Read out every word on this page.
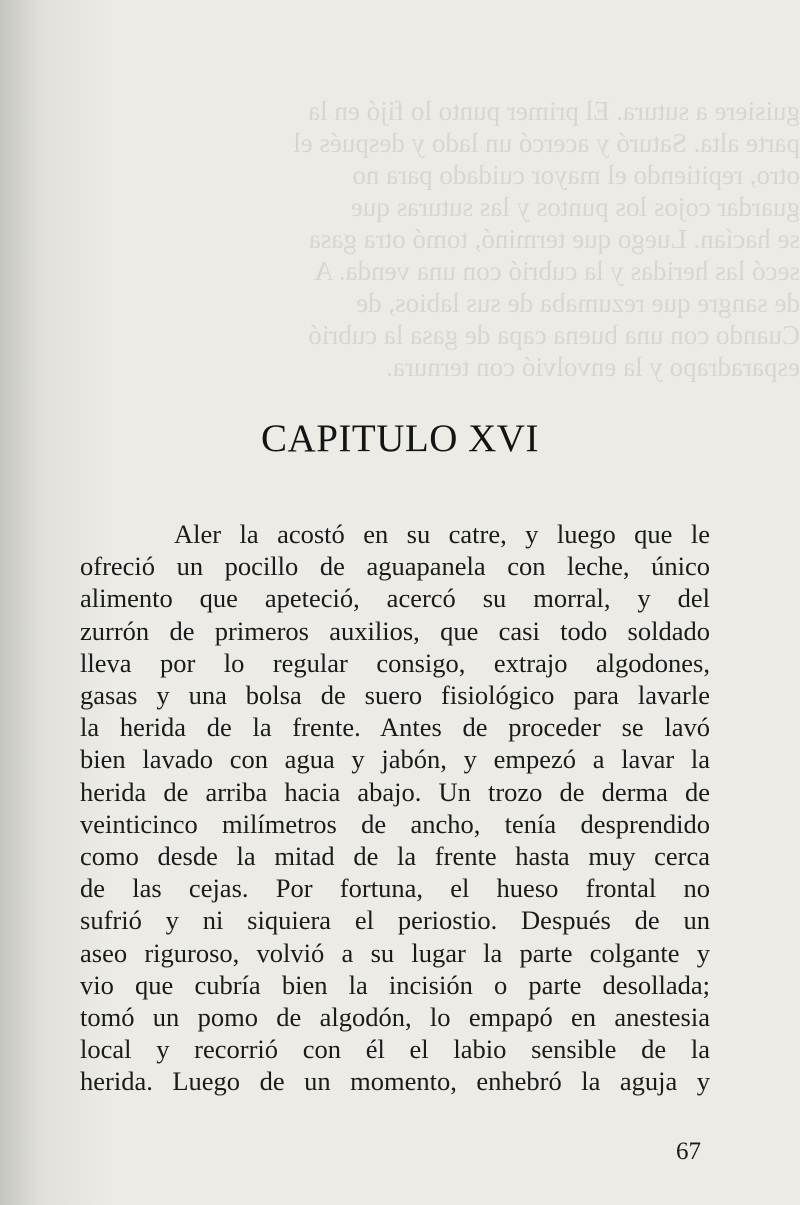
guisiere a sutura. El primer punto lo fijó en la
parte alta. Saturó y acercó un lado y después el
otro, repitiendo el mayor cuidado para no
guardar cojos los puntos y las suturas que
se hacían. Luego que terminó, tomó otra gasa
secó las heridas y la cubrió con una venda. A
de sangre que rezumaba de sus labios, de
Cuando con una buena capa de gasa la cubrió
esparadrapo y la envolvió con ternura.
CAPITULO XVI
Aler la acostó en su catre, y luego que le
ofreció un pocillo de aguapanela con leche, único
alimento que apeteció, acercó su morral, y del
zurrón de primeros auxilios, que casi todo soldado
lleva por lo regular consigo, extrajo algodones,
gasas y una bolsa de suero fisiológico para lavarle
la herida de la frente. Antes de proceder se lavó
bien lavado con agua y jabón, y empezó a lavar la
herida de arriba hacia abajo. Un trozo de derma de
veinticinco milímetros de ancho, tenía desprendido
como desde la mitad de la frente hasta muy cerca
de las cejas. Por fortuna, el hueso frontal no
sufrió y ni siquiera el periostio. Después de un
aseo riguroso, volvió a su lugar la parte colgante y
vio que cubría bien la incisión o parte desollada;
tomó un pomo de algodón, lo empapó en anestesia
local y recorrió con él el labio sensible de la
herida. Luego de un momento, enhebró la aguja y
67
